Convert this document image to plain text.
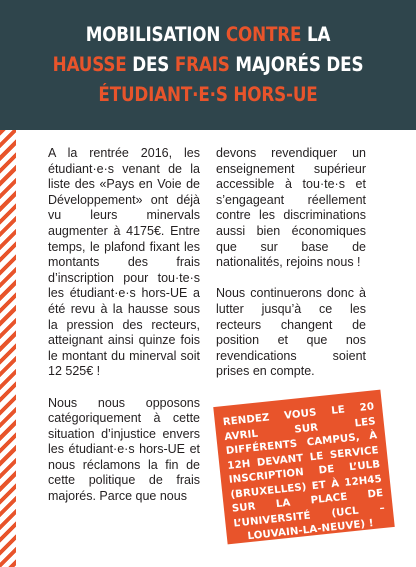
MOBILISATION CONTRE LA
HAUSSE DES FRAIS MAJORÉS DES
ÉTUDIANT·E·S HORS-UE

A la rentrée 2016, les étudiant·e·s venant de la liste des «Pays en Voie de Développement» ont déjà vu leurs minervals augmenter à 4175€. Entre temps, le plafond fixant les montants des frais d’inscription pour tou·te·s les étudiant·e·s hors-UE a été revu à la hausse sous la pression des recteurs, atteignant ainsi quinze fois le montant du minerval soit 12 525€ !

Nous nous opposons catégoriquement à cette situation d’injustice envers les étudiant·e·s hors-UE et nous réclamons la fin de cette politique de frais majorés. Parce que nous

devons revendiquer un enseignement supérieur accessible à tou·te·s et s’engageant réellement contre les discriminations aussi bien économiques que sur base de nationalités, rejoins nous !

Nous continuerons donc à lutter jusqu’à ce les recteurs changent de position et que nos revendications soient prises en compte.

RENDEZ VOUS LE 20 AVRIL SUR LES DIFFÉRENTS CAMPUS, À 12H DEVANT LE SERVICE INSCRIPTION DE L’ULB (BRUXELLES) ET À 12H45 SUR LA PLACE DE L’UNIVERSITÉ (UCL – LOUVAIN-LA-NEUVE) !
